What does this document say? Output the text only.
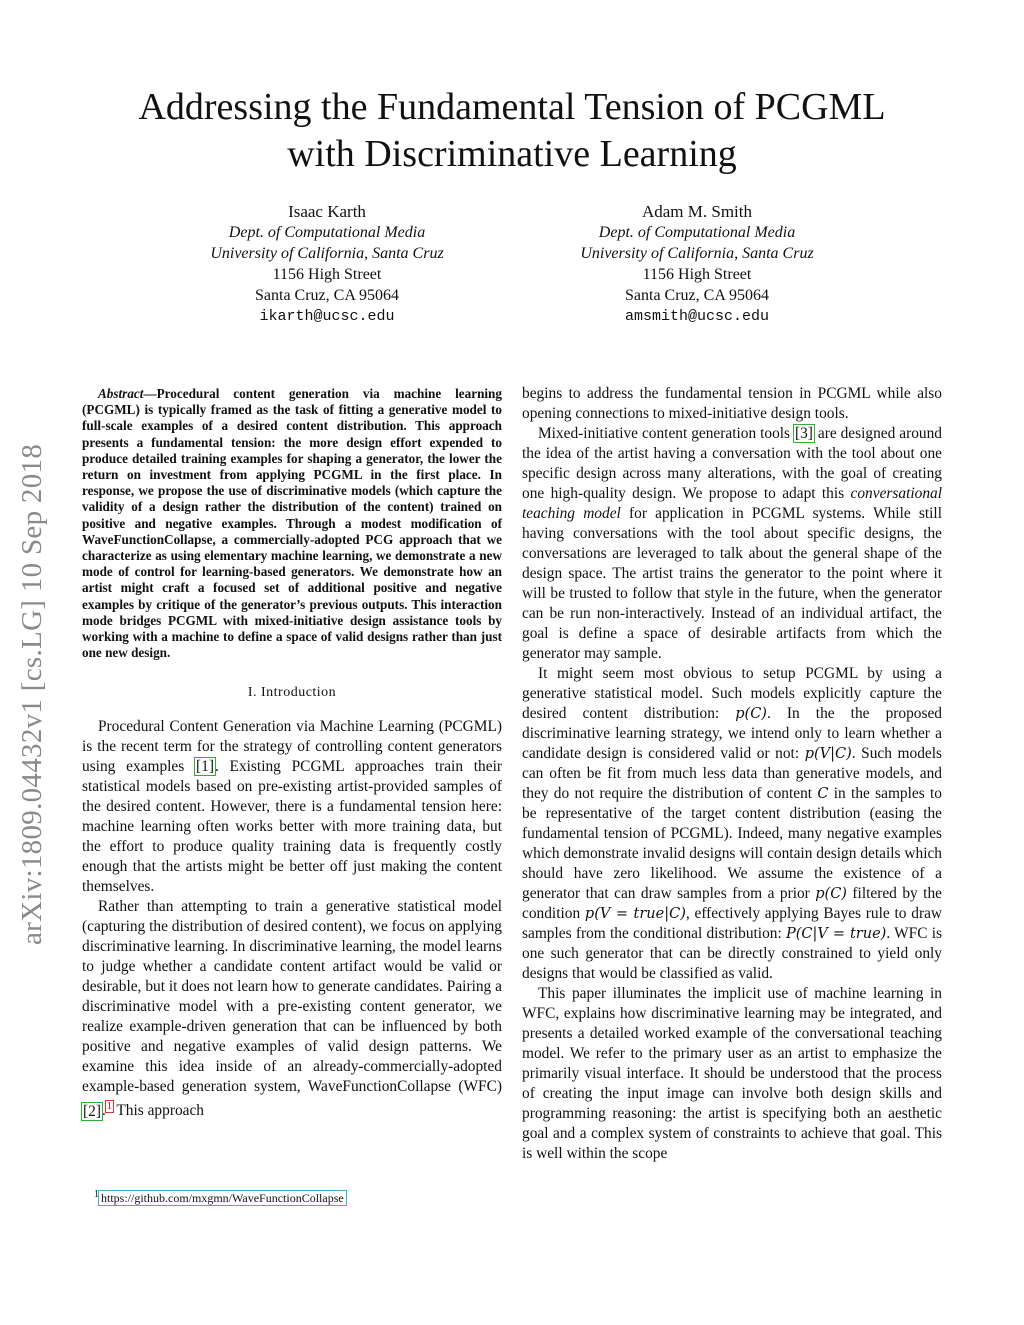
Addressing the Fundamental Tension of PCGML
with Discriminative Learning
Isaac Karth
Dept. of Computational Media
University of California, Santa Cruz
1156 High Street
Santa Cruz, CA 95064
ikarth@ucsc.edu
Adam M. Smith
Dept. of Computational Media
University of California, Santa Cruz
1156 High Street
Santa Cruz, CA 95064
amsmith@ucsc.edu
arXiv:1809.04432v1 [cs.LG] 10 Sep 2018

Abstract—Procedural content generation via machine learning (PCGML) is typically framed as the task of fitting a generative model to full-scale examples of a desired content distribution. This approach presents a fundamental tension: the more design effort expended to produce detailed training examples for shaping a generator, the lower the return on investment from applying PCGML in the first place. In response, we propose the use of discriminative models (which capture the validity of a design rather the distribution of the content) trained on positive and negative examples. Through a modest modification of WaveFunctionCollapse, a commercially-adopted PCG approach that we characterize as using elementary machine learning, we demonstrate a new mode of control for learning-based generators. We demonstrate how an artist might craft a focused set of additional positive and negative examples by critique of the generator’s previous outputs. This interaction mode bridges PCGML with mixed-initiative design assistance tools by working with a machine to define a space of valid designs rather than just one new design.

I. Introduction

Procedural Content Generation via Machine Learning (PCGML) is the recent term for the strategy of controlling content generators using examples [1]. Existing PCGML approaches train their statistical models based on pre-existing artist-provided samples of the desired content. However, there is a fundamental tension here: machine learning often works better with more training data, but the effort to produce quality training data is frequently costly enough that the artists might be better off just making the content themselves.

Rather than attempting to train a generative statistical model (capturing the distribution of desired content), we focus on applying discriminative learning. In discriminative learning, the model learns to judge whether a candidate content artifact would be valid or desirable, but it does not learn how to generate candidates. Pairing a discriminative model with a pre-existing content generator, we realize example-driven generation that can be influenced by both positive and negative examples of valid design patterns. We examine this idea inside of an already-commercially-adopted example-based generation system, WaveFunctionCollapse (WFC) [2].$^1$ This approach

begins to address the fundamental tension in PCGML while also opening connections to mixed-initiative design tools.

Mixed-initiative content generation tools [3] are designed around the idea of the artist having a conversation with the tool about one specific design across many alterations, with the goal of creating one high-quality design. We propose to adapt this conversational teaching model for application in PCGML systems. While still having conversations with the tool about specific designs, the conversations are leveraged to talk about the general shape of the design space. The artist trains the generator to the point where it will be trusted to follow that style in the future, when the generator can be run non-interactively. Instead of an individual artifact, the goal is define a space of desirable artifacts from which the generator may sample.

It might seem most obvious to setup PCGML by using a generative statistical model. Such models explicitly capture the desired content distribution: p(C). In the the proposed discriminative learning strategy, we intend only to learn whether a candidate design is considered valid or not: p(V|C). Such models can often be fit from much less data than generative models, and they do not require the distribution of content C in the samples to be representative of the target content distribution (easing the fundamental tension of PCGML). Indeed, many negative examples which demonstrate invalid designs will contain design details which should have zero likelihood. We assume the existence of a generator that can draw samples from a prior p(C) filtered by the condition p(V = true|C), effectively applying Bayes rule to draw samples from the conditional distribution: P(C|V = true). WFC is one such generator that can be directly constrained to yield only designs that would be classified as valid.

This paper illuminates the implicit use of machine learning in WFC, explains how discriminative learning may be integrated, and presents a detailed worked example of the conversational teaching model. We refer to the primary user as an artist to emphasize the primarily visual interface. It should be understood that the process of creating the input image can involve both design skills and programming reasoning: the artist is specifying both an aesthetic goal and a complex system of constraints to achieve that goal. This is well within the scope

$^1$ https://github.com/mxgmn/WaveFunctionCollapse
